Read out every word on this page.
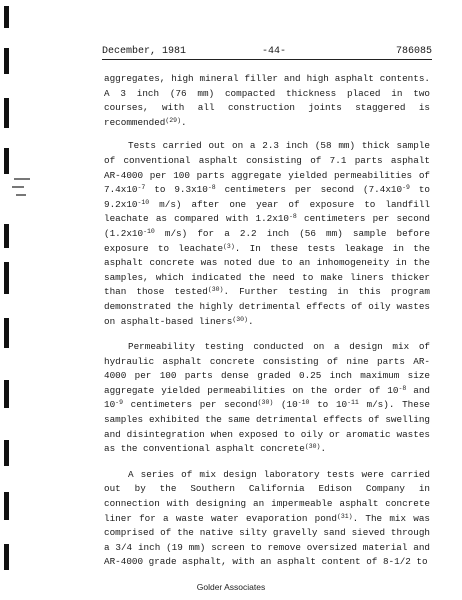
December, 1981	-44-	786085

aggregates, high mineral filler and high asphalt contents. A 3 inch (76 mm) compacted thickness placed in two courses, with all construction joints staggered is recommended$^{(29)}$.

Tests carried out on a 2.3 inch (58 mm) thick sample of conventional asphalt consisting of 7.1 parts asphalt AR-4000 per 100 parts aggregate yielded permeabilities of $7.4x10^{-7}$ to $9.3x10^{-8}$ centimeters per second ($7.4x10^{-9}$ to $9.2x10^{-10}$ m/s) after one year of exposure to landfill leachate as compared with $1.2x10^{-8}$ centimeters per second ($1.2x10^{-10}$ m/s) for a 2.2 inch (56 mm) sample before exposure to leachate$^{(3)}$. In these tests leakage in the asphalt concrete was noted due to an inhomogeneity in the samples, which indicated the need to make liners thicker than those tested$^{(30)}$. Further testing in this program demonstrated the highly detrimental effects of oily wastes on asphalt-based liners$^{(30)}$.

Permeability testing conducted on a design mix of hydraulic asphalt concrete consisting of nine parts AR-4000 per 100 parts dense graded 0.25 inch maximum size aggregate yielded permeabilities on the order of $10^{-8}$ and $10^{-9}$ centimeters per second$^{(30)}$ ($10^{-10}$ to $10^{-11}$ m/s). These samples exhibited the same detrimental effects of swelling and disintegration when exposed to oily or aromatic wastes as the conventional asphalt concrete$^{(30)}$.

A series of mix design laboratory tests were carried out by the Southern California Edison Company in connection with designing an impermeable asphalt concrete liner for a waste water evaporation pond$^{(31)}$. The mix was comprised of the native silty gravelly sand sieved through a 3/4 inch (19 mm) screen to remove oversized material and AR-4000 grade asphalt, with an asphalt content of 8-1/2 to

Golder Associates
